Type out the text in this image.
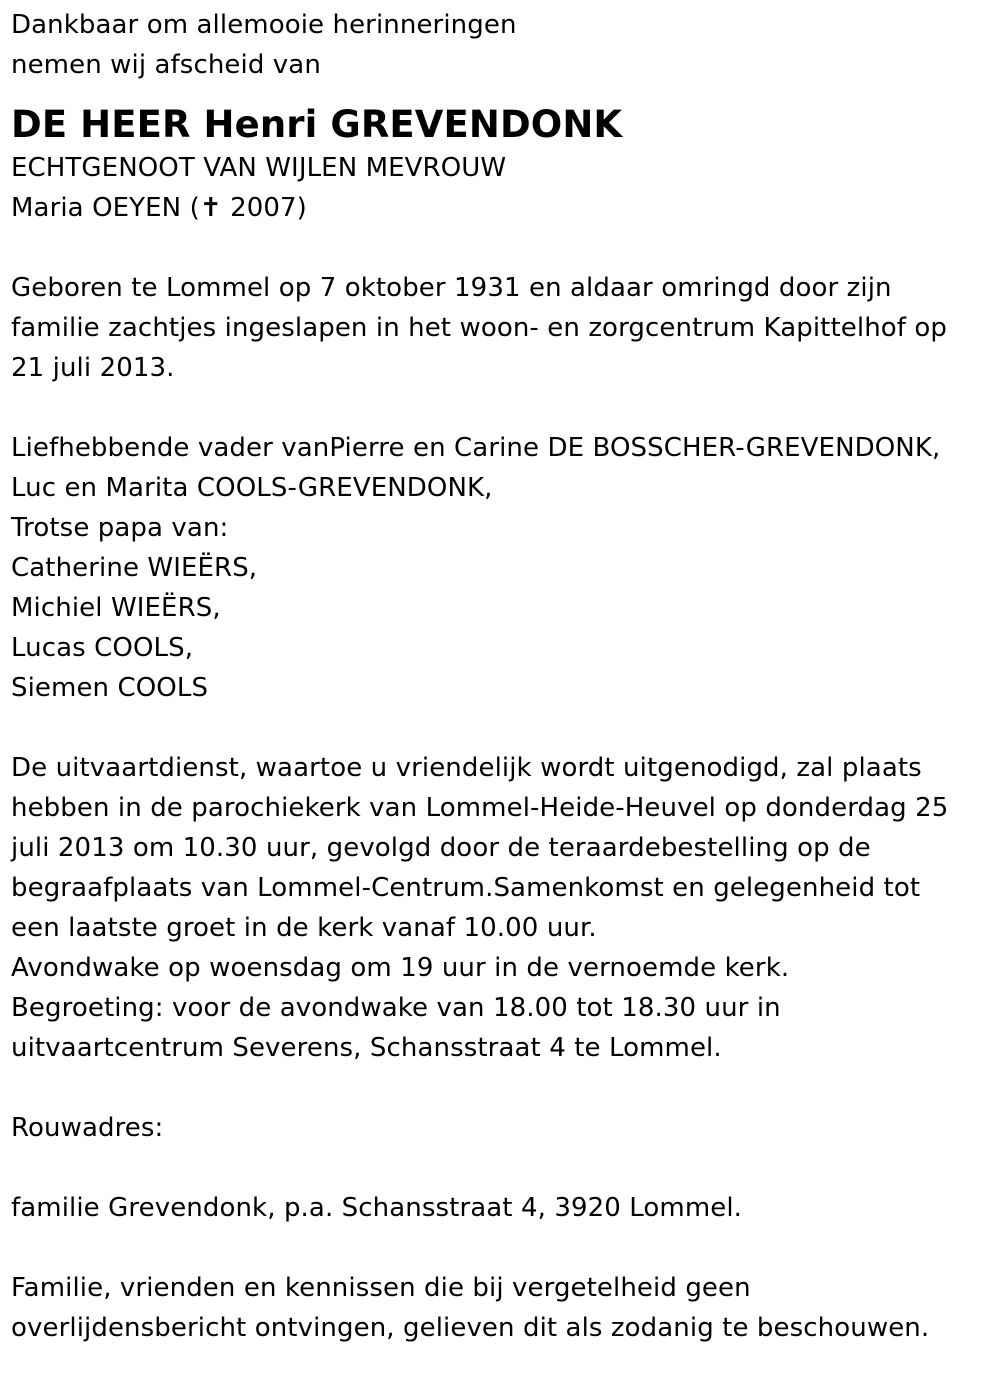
Dankbaar om allemooie herinneringen
nemen wij afscheid van
DE HEER Henri GREVENDONK
ECHTGENOOT VAN WIJLEN MEVROUW
Maria OEYEN (✝ 2007)
Geboren te Lommel op 7 oktober 1931 en aldaar omringd door zijn
familie zachtjes ingeslapen in het woon- en zorgcentrum Kapittelhof op
21 juli 2013.
Liefhebbende vader vanPierre en Carine DE BOSSCHER-GREVENDONK,
Luc en Marita COOLS-GREVENDONK,
Trotse papa van:
Catherine WIEËRS,
Michiel WIEËRS,
Lucas COOLS,
Siemen COOLS
De uitvaartdienst, waartoe u vriendelijk wordt uitgenodigd, zal plaats
hebben in de parochiekerk van Lommel-Heide-Heuvel op donderdag 25
juli 2013 om 10.30 uur, gevolgd door de teraardebestelling op de
begraafplaats van Lommel-Centrum.Samenkomst en gelegenheid tot
een laatste groet in de kerk vanaf 10.00 uur.
Avondwake op woensdag om 19 uur in de vernoemde kerk.
Begroeting: voor de avondwake van 18.00 tot 18.30 uur in
uitvaartcentrum Severens, Schansstraat 4 te Lommel.
Rouwadres:
familie Grevendonk, p.a. Schansstraat 4, 3920 Lommel.
Familie, vrienden en kennissen die bij vergetelheid geen
overlijdensbericht ontvingen, gelieven dit als zodanig te beschouwen.
